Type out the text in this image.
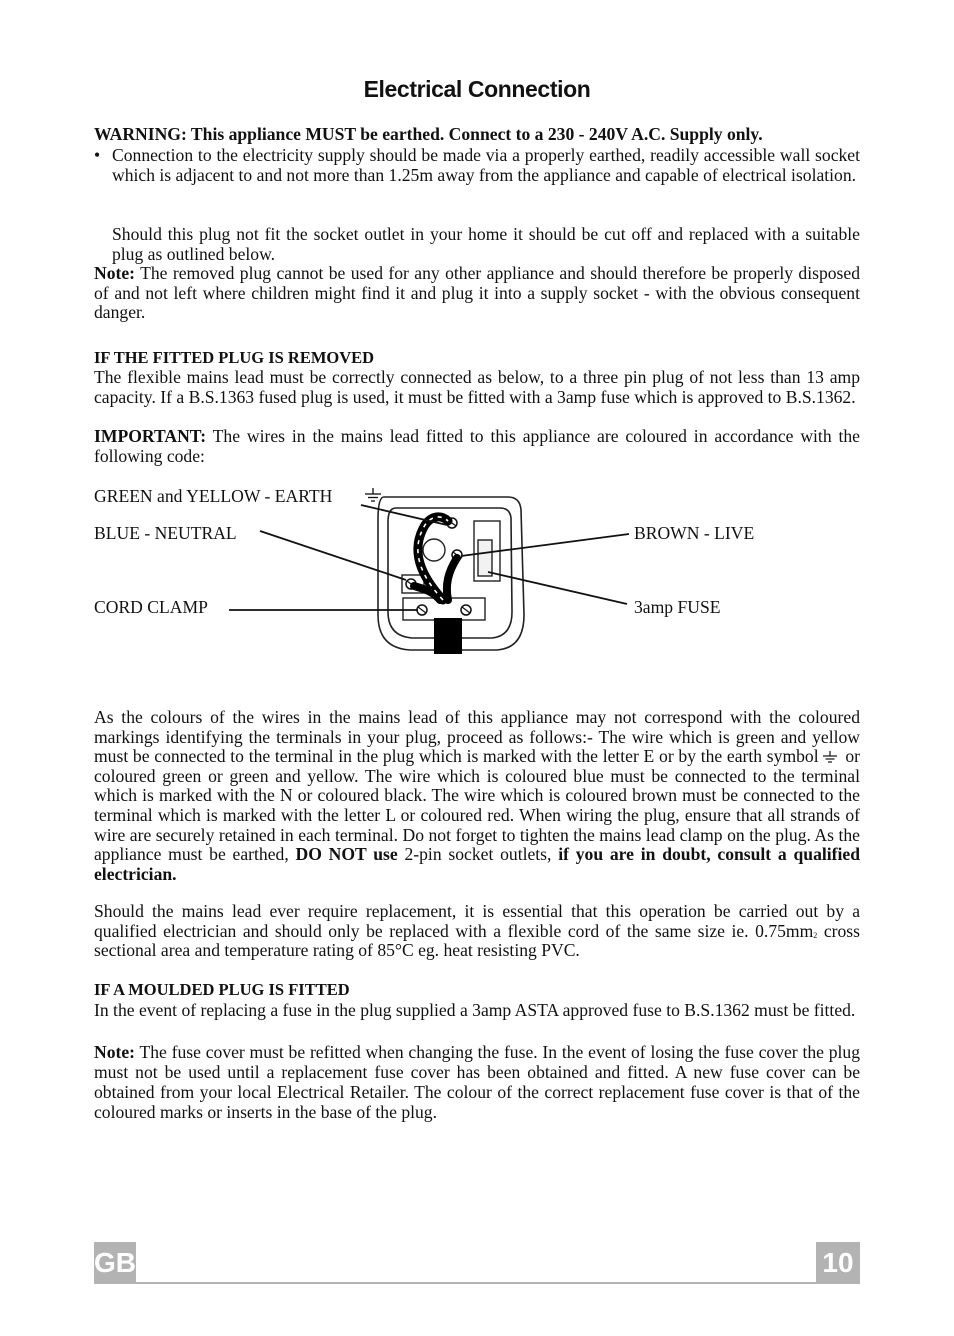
Electrical Connection

WARNING: This appliance MUST be earthed. Connect to a 230 - 240V A.C. Supply only.

• Connection to the electricity supply should be made via a properly earthed, readily accessible wall socket which is adjacent to and not more than 1.25m away from the appliance and capable of electrical isolation.

Should this plug not fit the socket outlet in your home it should be cut off and replaced with a suitable plug as outlined below.

Note: The removed plug cannot be used for any other appliance and should therefore be properly disposed of and not left where children might find it and plug it into a supply socket - with the obvious consequent danger.

IF THE FITTED PLUG IS REMOVED

The flexible mains lead must be correctly connected as below, to a three pin plug of not less than 13 amp capacity. If a B.S.1363 fused plug is used, it must be fitted with a 3amp fuse which is approved to B.S.1362.

IMPORTANT: The wires in the mains lead fitted to this appliance are coloured in accordance with the following code:

GREEN and YELLOW - EARTH
BLUE - NEUTRAL
CORD CLAMP
BROWN - LIVE
3amp FUSE

As the colours of the wires in the mains lead of this appliance may not correspond with the coloured markings identifying the terminals in your plug, proceed as follows:- The wire which is green and yellow must be connected to the terminal in the plug which is marked with the letter E or by the earth symbol or coloured green or green and yellow. The wire which is coloured blue must be connected to the terminal which is marked with the N or coloured black. The wire which is coloured brown must be connected to the terminal which is marked with the letter L or coloured red. When wiring the plug, ensure that all strands of wire are securely retained in each terminal. Do not forget to tighten the mains lead clamp on the plug. As the appliance must be earthed, DO NOT use 2-pin socket outlets, if you are in doubt, consult a qualified electrician.

Should the mains lead ever require replacement, it is essential that this operation be carried out by a qualified electrician and should only be replaced with a flexible cord of the same size ie. $0.75mm^2$ cross sectional area and temperature rating of 85°C eg. heat resisting PVC.

IF A MOULDED PLUG IS FITTED

In the event of replacing a fuse in the plug supplied a 3amp ASTA approved fuse to B.S.1362 must be fitted.

Note: The fuse cover must be refitted when changing the fuse. In the event of losing the fuse cover the plug must not be used until a replacement fuse cover has been obtained and fitted. A new fuse cover can be obtained from your local Electrical Retailer. The colour of the correct replacement fuse cover is that of the coloured marks or inserts in the base of the plug.

GB	10
